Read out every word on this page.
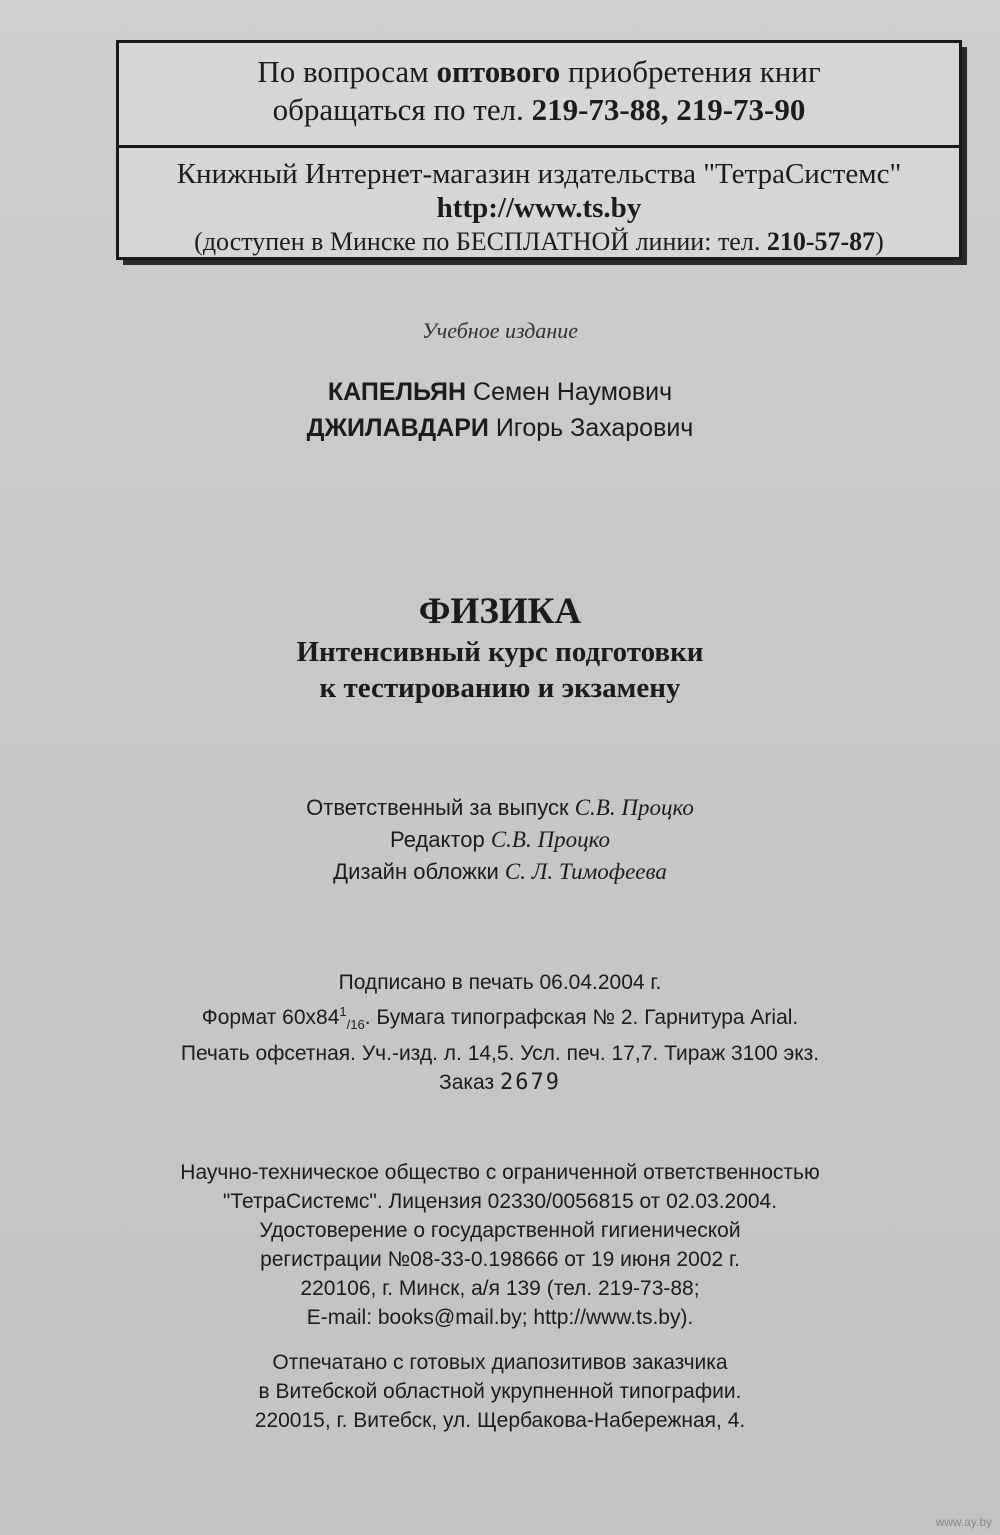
По вопросам оптового приобретения книг
обращаться по тел. 219-73-88, 219-73-90
Книжный Интернет-магазин издательства "ТетраСистемс"
http://www.ts.by
(доступен в Минске по БЕСПЛАТНОЙ линии: тел. 210-57-87)
Учебное издание
КАПЕЛЬЯН Семен Наумович
ДЖИЛАВДАРИ Игорь Захарович
ФИЗИКА
Интенсивный курс подготовки
к тестированию и экзамену
Ответственный за выпуск С.В. Процко
Редактор С.В. Процко
Дизайн обложки С. Л. Тимофеева
Подписано в печать 06.04.2004 г.
Формат $60x84^1_{/16}$. Бумага типографская № 2. Гарнитура Arial.
Печать офсетная. Уч.-изд. л. 14,5. Усл. печ. 17,7. Тираж 3100 экз.
Заказ 2679
Научно-техническое общество с ограниченной ответственностью
"ТетраСистемс". Лицензия 02330/0056815 от 02.03.2004.
Удостоверение о государственной гигиенической
регистрации №08-33-0.198666 от 19 июня 2002 г.
220106, г. Минск, а/я 139 (тел. 219-73-88;
E-mail: books@mail.by; http://www.ts.by).
Отпечатано с готовых диапозитивов заказчика
в Витебской областной укрупненной типографии.
220015, г. Витебск, ул. Щербакова-Набережная, 4.
www.ay.by
